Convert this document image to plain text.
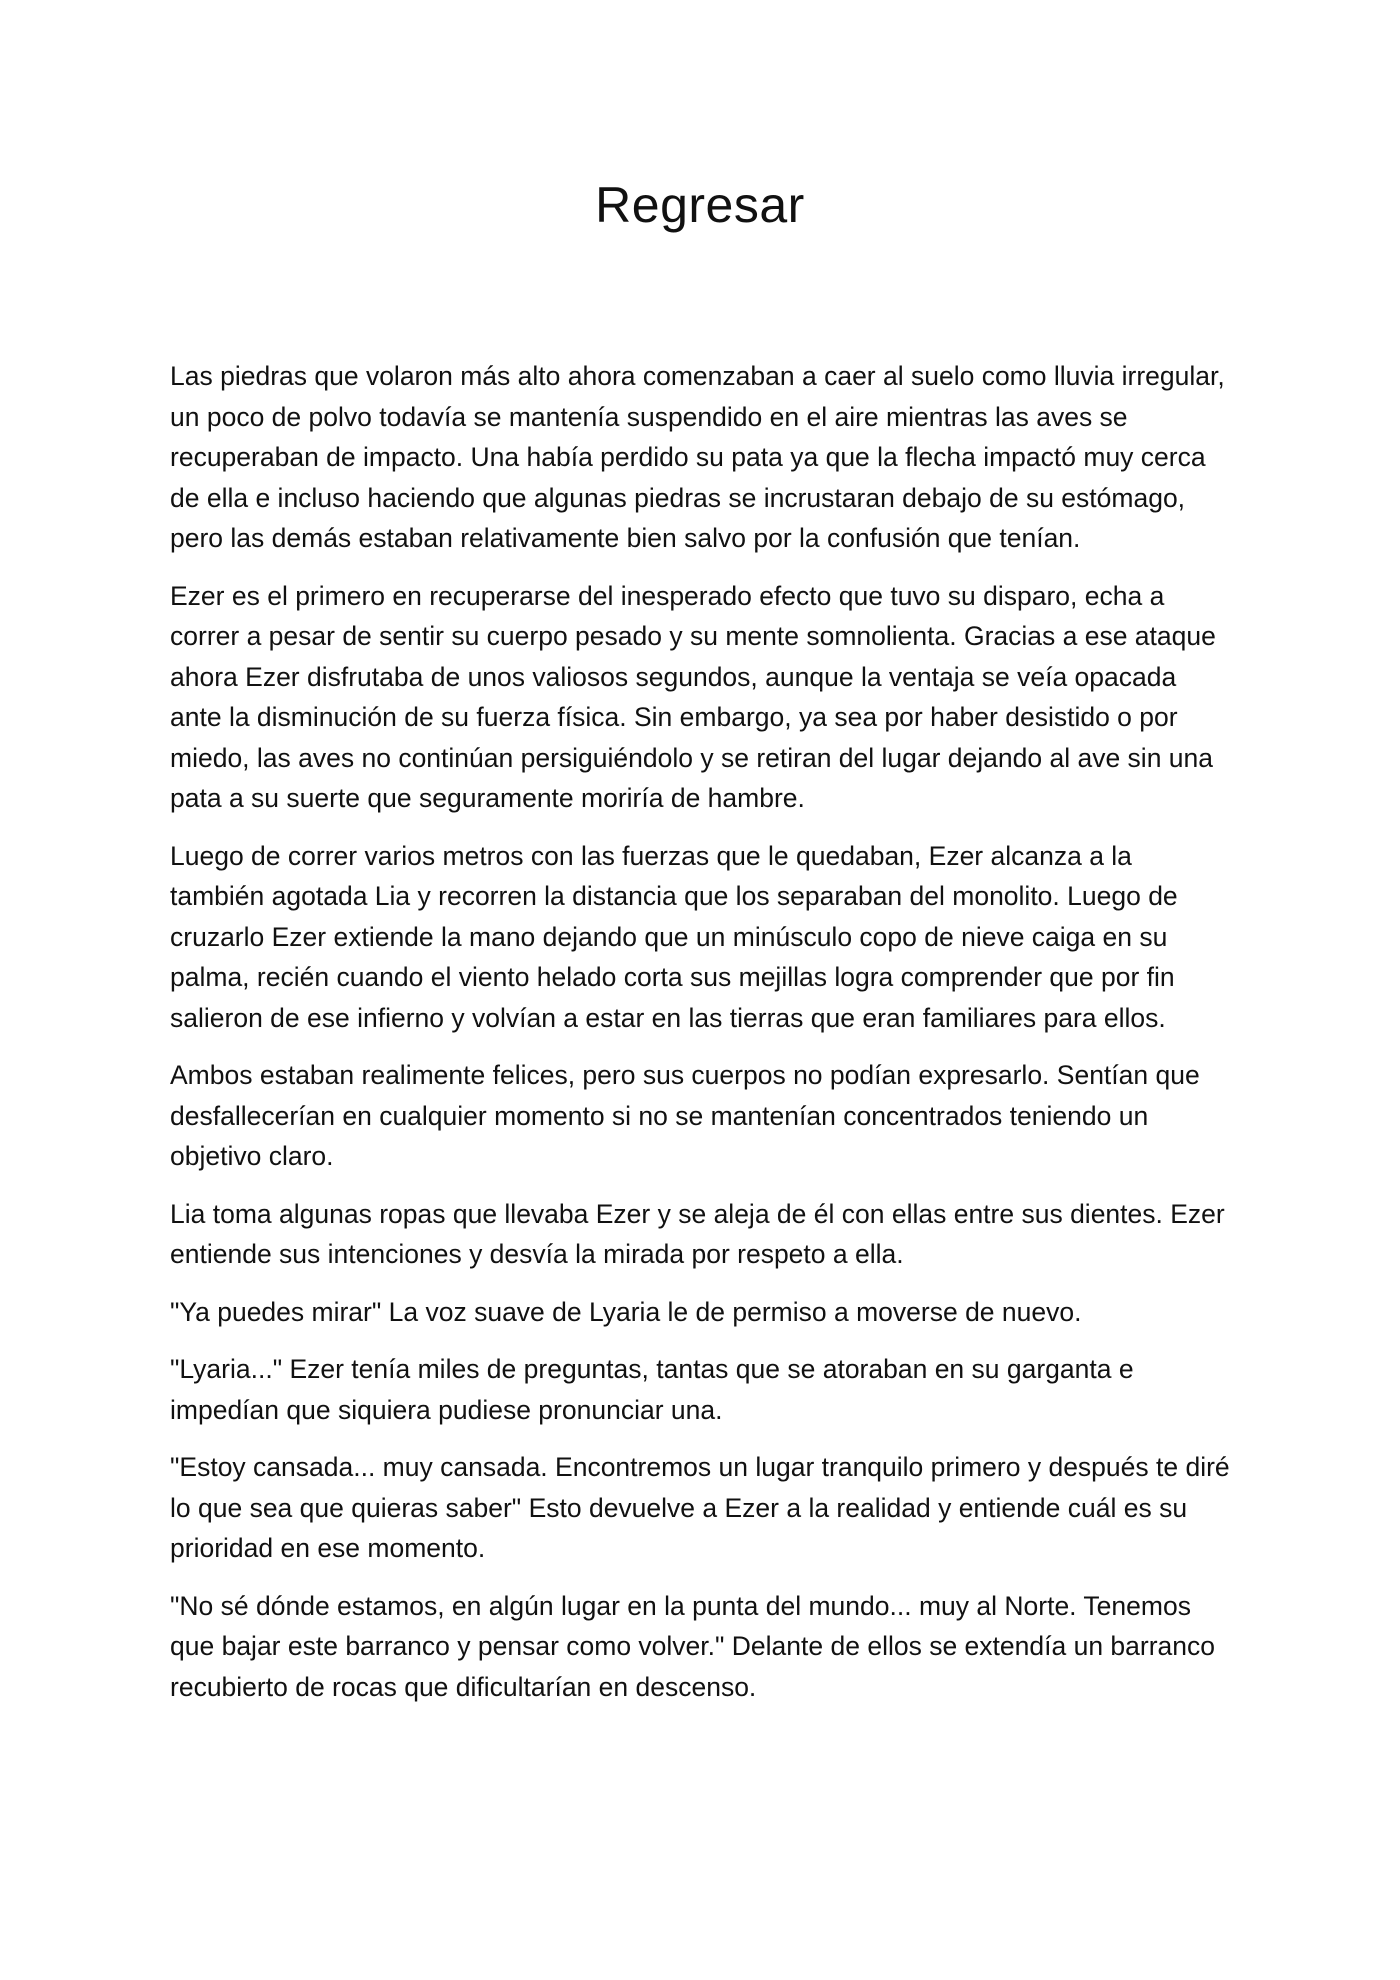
Regresar

Las piedras que volaron más alto ahora comenzaban a caer al suelo como lluvia irregular, un poco de polvo todavía se mantenía suspendido en el aire mientras las aves se recuperaban de impacto. Una había perdido su pata ya que la flecha impactó muy cerca de ella e incluso haciendo que algunas piedras se incrustaran debajo de su estómago, pero las demás estaban relativamente bien salvo por la confusión que tenían.

Ezer es el primero en recuperarse del inesperado efecto que tuvo su disparo, echa a correr a pesar de sentir su cuerpo pesado y su mente somnolienta. Gracias a ese ataque ahora Ezer disfrutaba de unos valiosos segundos, aunque la ventaja se veía opacada ante la disminución de su fuerza física. Sin embargo, ya sea por haber desistido o por miedo, las aves no continúan persiguiéndolo y se retiran del lugar dejando al ave sin una pata a su suerte que seguramente moriría de hambre.

Luego de correr varios metros con las fuerzas que le quedaban, Ezer alcanza a la también agotada Lia y recorren la distancia que los separaban del monolito. Luego de cruzarlo Ezer extiende la mano dejando que un minúsculo copo de nieve caiga en su palma, recién cuando el viento helado corta sus mejillas logra comprender que por fin salieron de ese infierno y volvían a estar en las tierras que eran familiares para ellos.

Ambos estaban realimente felices, pero sus cuerpos no podían expresarlo. Sentían que desfallecerían en cualquier momento si no se mantenían concentrados teniendo un objetivo claro.

Lia toma algunas ropas que llevaba Ezer y se aleja de él con ellas entre sus dientes. Ezer entiende sus intenciones y desvía la mirada por respeto a ella.

"Ya puedes mirar" La voz suave de Lyaria le de permiso a moverse de nuevo.

"Lyaria..." Ezer tenía miles de preguntas, tantas que se atoraban en su garganta e impedían que siquiera pudiese pronunciar una.

"Estoy cansada... muy cansada. Encontremos un lugar tranquilo primero y después te diré lo que sea que quieras saber" Esto devuelve a Ezer a la realidad y entiende cuál es su prioridad en ese momento.

"No sé dónde estamos, en algún lugar en la punta del mundo... muy al Norte. Tenemos que bajar este barranco y pensar como volver." Delante de ellos se extendía un barranco recubierto de rocas que dificultarían en descenso.
